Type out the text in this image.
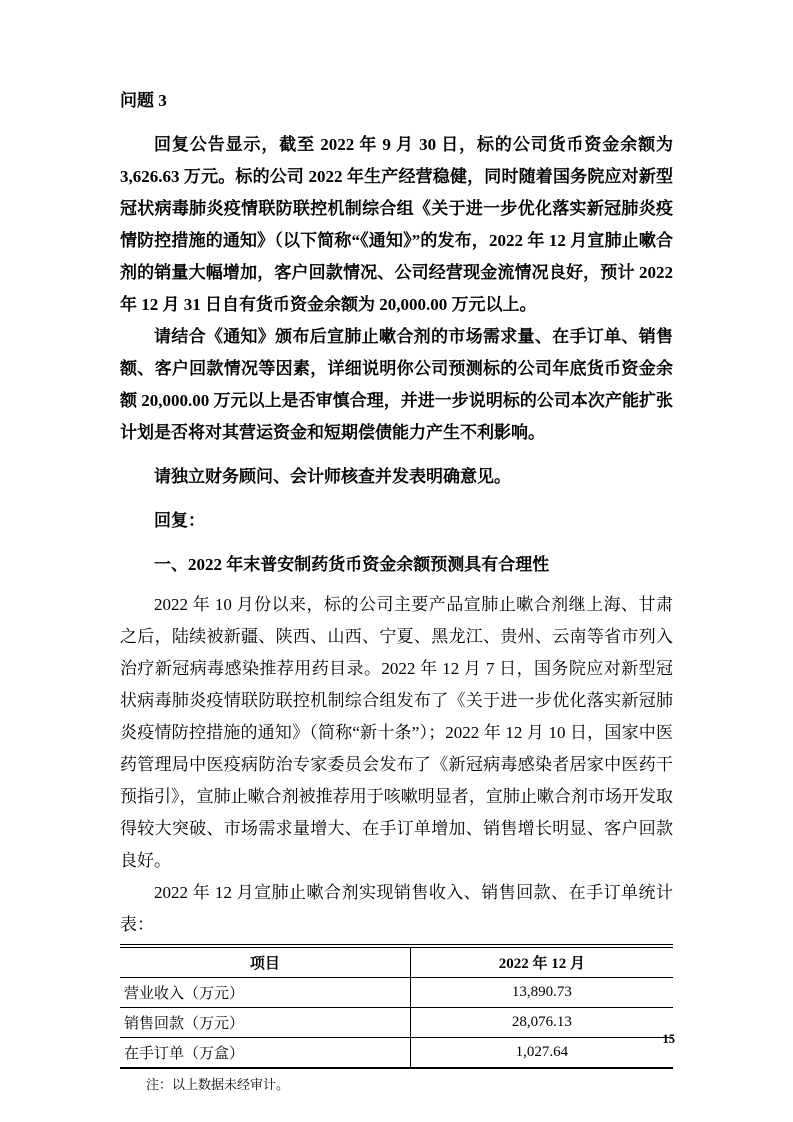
问题 3

回复公告显示，截至 2022 年 9 月 30 日，标的公司货币资金余额为 3,626.63 万元。标的公司 2022 年生产经营稳健，同时随着国务院应对新型冠状病毒肺炎疫情联防联控机制综合组《关于进一步优化落实新冠肺炎疫情防控措施的通知》（以下简称“《通知》”的发布，2022 年 12 月宣肺止嗽合剂的销量大幅增加，客户回款情况、公司经营现金流情况良好，预计 2022 年 12 月 31 日自有货币资金余额为 20,000.00 万元以上。

请结合《通知》颁布后宣肺止嗽合剂的市场需求量、在手订单、销售额、客户回款情况等因素，详细说明你公司预测标的公司年底货币资金余额 20,000.00 万元以上是否审慎合理，并进一步说明标的公司本次产能扩张计划是否将对其营运资金和短期偿债能力产生不利影响。

请独立财务顾问、会计师核查并发表明确意见。

回复：

一、2022 年末普安制药货币资金余额预测具有合理性

2022 年 10 月份以来，标的公司主要产品宣肺止嗽合剂继上海、甘肃之后，陆续被新疆、陕西、山西、宁夏、黑龙江、贵州、云南等省市列入治疗新冠病毒感染推荐用药目录。2022 年 12 月 7 日，国务院应对新型冠状病毒肺炎疫情联防联控机制综合组发布了《关于进一步优化落实新冠肺炎疫情防控措施的通知》（简称“新十条”）；2022 年 12 月 10 日，国家中医药管理局中医疫病防治专家委员会发布了《新冠病毒感染者居家中医药干预指引》，宣肺止嗽合剂被推荐用于咳嗽明显者，宣肺止嗽合剂市场开发取得较大突破、市场需求量增大、在手订单增加、销售增长明显、客户回款良好。

2022 年 12 月宣肺止嗽合剂实现销售收入、销售回款、在手订单统计表：

项目	2022 年 12 月
营业收入（万元）	13,890.73
销售回款（万元）	28,076.13
在手订单（万盒）	1,027.64

注：以上数据未经审计。

15
